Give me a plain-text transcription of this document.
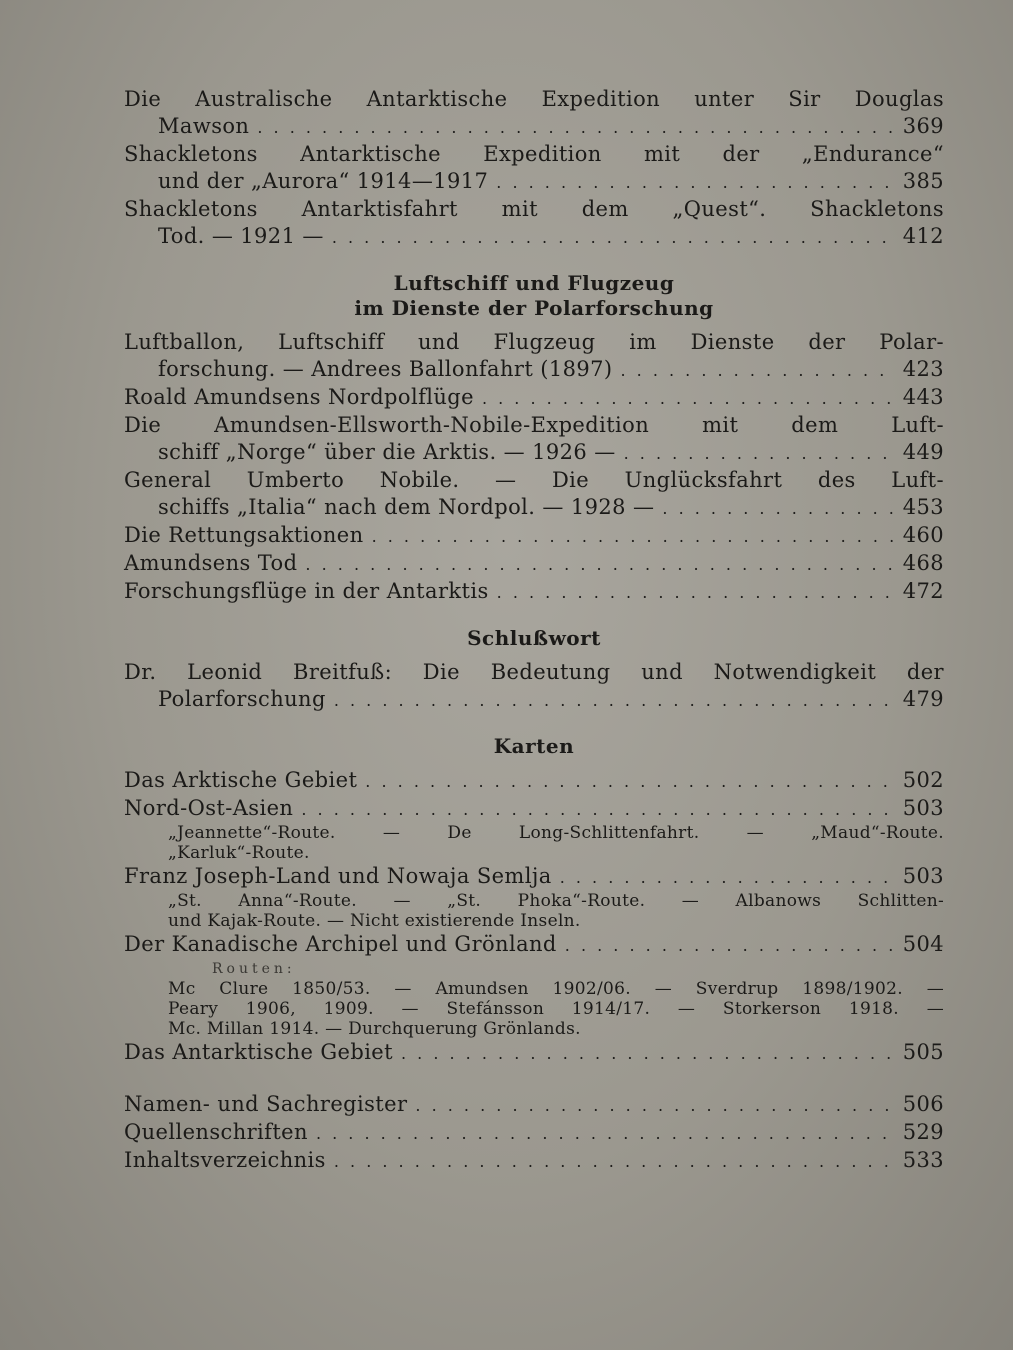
Die Australische Antarktische Expedition unter Sir Douglas
Mawson . . .	369
Shackletons Antarktische Expedition mit der „Endurance“
und der „Aurora“ 1914—1917 . . .	385
Shackletons Antarktisfahrt mit dem „Quest“. Shackletons
Tod. — 1921 — . . .	412
Luftschiff und Flugzeug
im Dienste der Polarforschung
Luftballon, Luftschiff und Flugzeug im Dienste der Polar-
forschung. — Andrees Ballonfahrt (1897) . . .	423
Roald Amundsens Nordpolflüge . . .	443
Die Amundsen-Ellsworth-Nobile-Expedition mit dem Luft-
schiff „Norge“ über die Arktis. — 1926 — . . .	449
General Umberto Nobile. — Die Unglücksfahrt des Luft-
schiffs „Italia“ nach dem Nordpol. — 1928 — . . .	453
Die Rettungsaktionen . . .	460
Amundsens Tod . . .	468
Forschungsflüge in der Antarktis . . .	472
Schlußwort
Dr. Leonid Breitfuß: Die Bedeutung und Notwendigkeit der
Polarforschung . . .	479
Karten
Das Arktische Gebiet . . .	502
Nord-Ost-Asien . . .	503
„Jeannette“-Route. — De Long-Schlittenfahrt. — „Maud“-Route.
„Karluk“-Route.
Franz Joseph-Land und Nowaja Semlja . . .	503
„St. Anna“-Route. — „St. Phoka“-Route. — Albanows Schlitten-
und Kajak-Route. — Nicht existierende Inseln.
Der Kanadische Archipel und Grönland . . .	504
Routen:
Mc Clure 1850/53. — Amundsen 1902/06. — Sverdrup 1898/1902. —
Peary 1906, 1909. — Stefánsson 1914/17. — Storkerson 1918. —
Mc. Millan 1914. — Durchquerung Grönlands.
Das Antarktische Gebiet . . .	505
Namen- und Sachregister . . .	506
Quellenschriften . . .	529
Inhaltsverzeichnis . . .	533
